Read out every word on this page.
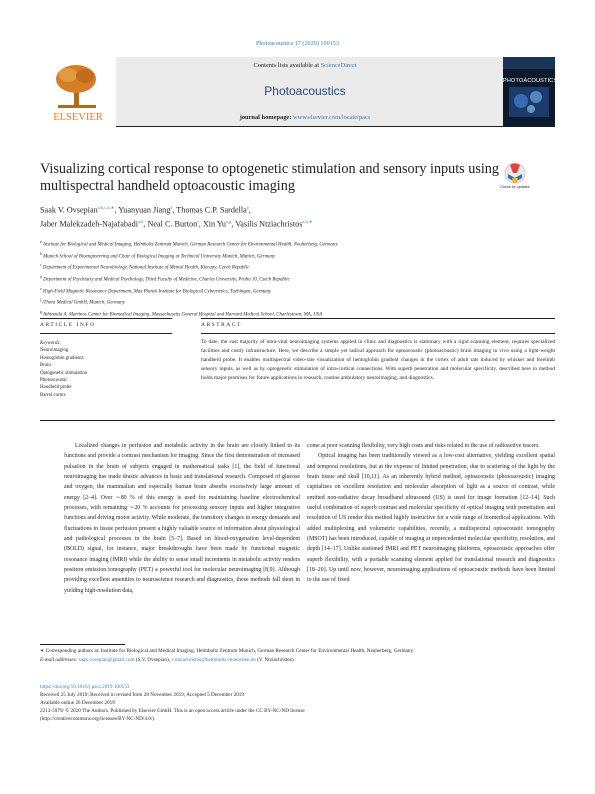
Photoacoustics 17 (2020) 100153
ELSEVIER
Contents lists available at ScienceDirect
Photoacoustics
journal homepage: www.elsevier.com/locate/pacs
PHOTOACOUSTICS
Visualizing cortical response to optogenetic stimulation and sensory inputs using multispectral handheld optoacoustic imaging	Check for updates
Saak V. Ovsepian$^{a,b,c,d,∗}$, Yuanyuan Jiang$^a$, Thomas C.P. Sardella$^e$,
Jaber Malekzadeh-Najafabadi$^{a,b}$, Neal C. Burton$^f$, Xin Yu$^{e,g}$, Vasilis Ntziachristos$^{a,b,∗}$
$^a$ Institute for Biological and Medical Imaging, Helmholtz Zentrum Munich, German Research Center for Environmental Health, Neuherberg, Germany
$^b$ Munich School of Bioengineering and Chair of Biological Imaging at Technical University Munich, Munich, Germany
$^c$ Department of Experimental Neurobiology, National Institute of Mental Health, Klecany, Czech Republic
$^d$ Department of Psychiatry and Medical Psychology, Third Faculty of Medicine, Charles University, Praha 10, Czech Republic
$^e$ High-Field Magnetic Resonance Department, Max Planck Institute for Biological Cybernetics, Tuebingen, Germany
$^f$ iThera Medical GmbH, Munich, Germany
$^g$ Athinoula A. Martinos Center for Biomedical Imaging, Massachusetts General Hospital and Harvard Medical School, Charlestown, MA, USA
ARTICLE INFO	ABSTRACT
Keywords:
Neuroimaging
Hemoglobin gradients
Brain
Optogenetic stimulation
Photoacoustic
Handheld probe
Barrel cortex
To date, the vast majority of intra-vital neuroimaging systems applied in clinic and diagnostics is stationary with a rigid scanning element, requires specialized facilities and costly infrastructure. Here, we describe a simple yet radical approach for optoacoustic (photoacoustic) brain imaging in vivo using a light-weight handheld probe. It enables multispectral video-rate visualization of hemoglobin gradient changes in the cortex of adult rats induced by whisker and forelimb sensory inputs, as well as by optogenetic stimulation of intra-cortical connections. With superb penetration and molecular specificity, described here in method holds major promises for future applications in research, routine ambulatory neuroimaging, and diagnostics.

Localized changes in perfusion and metabolic activity in the brain are closely linked to its functions and provide a contrast mechanism for imaging. Since the first demonstration of increased pulsation in the brain of subjects engaged in mathematical tasks [1], the field of functional neuroimaging has made drastic advances in basic and translational research. Composed of glucose and oxygen, the mammalian and especially human brain absorbs excessively large amount of energy [2–4]. Over ∼80 % of this energy is used for maintaining baseline electrochemical processes, with remaining ∼20 % accounts for processing sensory inputs and higher integrative functions and driving motor activity. While moderate, the transitory changes in energy demands and fluctuations in tissue perfusion present a highly valuable source of information about physiological and pathological processes in the brain [5–7]. Based on blood-oxygenation level-dependent (BOLD) signal, for instance, major breakthroughs have been made by functional magnetic resonance imaging (fMRI) while the ability to sense small increments in metabolic activity renders positron emission tomography (PET) a powerful tool for molecular neuroimaging [8,9]. Although providing excellent amenities to neuroscience research and diagnostics, these methods fall short in yielding high-resolution data,

come at poor scanning flexibility, very high costs and risks related to the use of radioactive tracers.

Optical imaging has been traditionally viewed as a low-cost alternative, yielding excellent spatial and temporal resolutions, but at the expense of limited penetration, due to scattering of the light by the brain tissue and skull [10,11]. As an inherently hybrid method, optoacoustic (photoacoustic) imaging capitalizes on excellent resolution and molecular absorption of light as a source of contrast, while emitted non-radiative decay broadband ultrasound (US) is used for image formation [12–14]. Such useful combination of superb contrast and molecular specificity of optical imaging with penetration and resolution of US render this method highly instructive for a wide range of biomedical applications. With added multiplexing and volumetric capabilities, recently, a multispectral optoacoustic tomography (MSOT) has been introduced, capable of imaging at unprecedented molecular specificity, resolution, and depth [14–17]. Unlike stationed fMRI and PET neuroimaging platforms, optoacoustic approaches offer superb flexibility, with a portable scanning element applied for translational research and diagnostics [18–20]. Up until now, however, neuroimaging applications of optoacoustic methods have been limited to the use of fixed

∗ Corresponding authors at: Institute for Biological and Medical Imaging, Helmholtz Zentrum Munich, German Research Center for Environmental Health, Neuherberg, Germany.
E-mail addresses: saak.ovsepian@gmail.com (S.V. Ovsepian), v.ntziachristos@helmholtz-muenchen.de (V. Ntziachristos).
https://doi.org/10.1016/j.pacs.2019.100153
Received 25 July 2019; Received in revised form 28 November 2019; Accepted 5 December 2019
Available online 26 December 2019
2213-5979/ © 2020 The Authors. Published by Elsevier GmbH. This is an open access article under the CC BY-NC-ND license
(http://creativecommons.org/licenses/BY-NC-ND/4.0/).
